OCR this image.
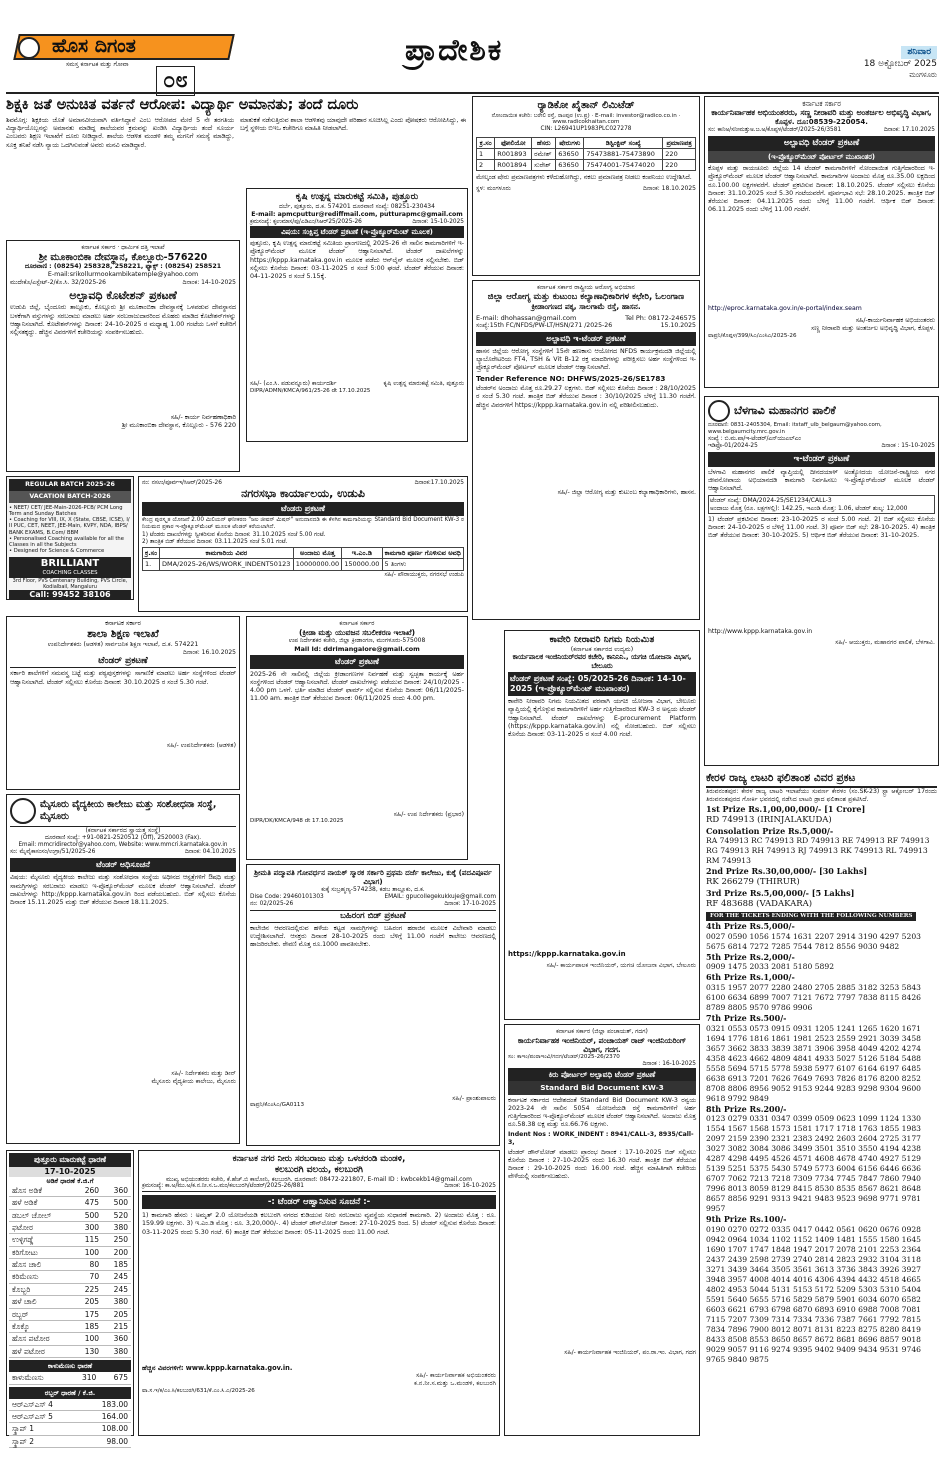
ಹೊಸ ದಿಗಂತ
ಸಮಸ್ತ ಕರ್ನಾಟಕ ಮತ್ತು ಗೋವಾ
೦೮
ಪ್ರಾದೇಶಿಕ	ಶನಿವಾರ
18 ಅಕ್ಟೋಬರ್ 2025
ಮಂಗಳೂರು
ಶಿಕ್ಷಕಿ ಜತೆ ಅನುಚಿತ ವರ್ತನೆ ಆರೋಪ: ವಿದ್ಯಾರ್ಥಿ ಅಮಾನತು; ತಂದೆ ದೂರು

ಶಿವಮೊಗ್ಗ: ಶಿಕ್ಷಕಿಯ ಜೊತೆ ಅಮಾನವೀಯವಾಗಿ ವರ್ತಿಸಿದ್ದಾನೆ ಎಂಬ ಆರೋಪದ ಮೇರೆ 5 ನೇ ತರಗತಿಯ ವಿದ್ಯಾರ್ಥಿಯೊಬ್ಬನನ್ನು ಅಮಾನತು ಮಾಡಿದ್ದ ಶಾಲೆಯವರ ಕ್ರಮವನ್ನು ಖಂಡಿಸಿ ವಿದ್ಯಾರ್ಥಿಯ ತಂದೆ ಸೂರ್ಯ ಎಂಬವರು ಶಿಕ್ಷಣ ಇಲಾಖೆಗೆ ದೂರು ನೀಡಿದ್ದಾರೆ. ಶಾಲೆಯ ಆಡಳಿತ ಮಂಡಳಿ ತಮ್ಮ ಮಗನಿಗೆ ಸಮಸ್ಯೆ ಮಾಡಿದ್ದು, ಸೂಕ್ತ ತನಿಖೆ ನಡೆಸಿ ನ್ಯಾಯ ಒದಗಿಸುವಂತೆ ಅವರು ಮನವಿ ಮಾಡಿದ್ದಾರೆ.

ಮಾತುಕತೆ ನಡೆಸುತ್ತಿರುವ ಶಾಲಾ ಆಡಳಿತವು ಯಾವುದೇ ಪರಿಹಾರ ಸೂಚಿಸಿಲ್ಲ ಎಂದು ಪೋಷಕರು ಆರೋಪಿಸಿದ್ದು, ಈ ಬಗ್ಗೆ ಸ್ಥಳೀಯ ಬಿಇಒ ಕಚೇರಿಗೂ ಮಾಹಿತಿ ನೀಡಲಾಗಿದೆ.

ಕರ್ನಾಟಕ ಸರ್ಕಾರ · ಧಾರ್ಮಿಕ ದತ್ತಿ ಇಲಾಖೆ
ಶ್ರೀ ಮೂಕಾಂಬಿಕಾ ದೇವಸ್ಥಾನ, ಕೊಲ್ಲೂರು-576220
ದೂರವಾಣಿ : (08254) 258328, 258221, ಫ್ಯಾಕ್ಸ್ : (08254) 258521
E-mail:srikollurmookambikatemple@yahoo.com
ಮುದೇಕೊ/ಎಸ್ಟೇಟ್-2/ಕೊ.ಸಿ. 32/2025-26	ದಿನಾಂಕ: 14-10-2025
ಅಲ್ಪಾವಧಿ ಕೊಟೇಶನ್ ಪ್ರಕಟಣೆ
ಉಡುಪಿ ಜಿಲ್ಲೆ, ಬೈಂದೂರು ತಾಲ್ಲೂಕು, ಕೊಲ್ಲೂರು ಶ್ರೀ ಮೂಕಾಂಬಿಕಾ ದೇವಸ್ಥಾನಕ್ಕೆ ಒಳಪಡುವ ದೇವಸ್ಥಾನದ ಬಳಕೆಗಾಗಿ ವಸ್ತುಗಳನ್ನು ಸರಬರಾಜು ಮಾಡಲು ಅರ್ಹ ಸರಬರಾಜುದಾರರಿಂದ ಮೊಹರು ಮಾಡಿದ ಕೊಟೇಶನ್‌ಗಳನ್ನು ಆಹ್ವಾನಿಸಲಾಗಿದೆ. ಕೊಟೇಶನ್‌ಗಳನ್ನು ದಿನಾಂಕ: 24-10-2025 ರ ಮಧ್ಯಾಹ್ನ 1.00 ಗಂಟೆಯ ಒಳಗೆ ಕಚೇರಿಗೆ ಸಲ್ಲಿಸತಕ್ಕದ್ದು. ಹೆಚ್ಚಿನ ವಿವರಗಳಿಗೆ ಕಚೇರಿಯನ್ನು ಸಂಪರ್ಕಿಸಬಹುದು.
ಸಹಿ/- ಕಾರ್ಯ ನಿರ್ವಹಣಾಧಿಕಾರಿ
ಶ್ರೀ ಮೂಕಾಂಬಿಕಾ ದೇವಸ್ಥಾನ, ಕೊಲ್ಲೂರು - 576 220
ಕೃಷಿ ಉತ್ಪನ್ನ ಮಾರುಕಟ್ಟೆ ಸಮಿತಿ, ಪುತ್ತೂರು
ದರ್ಬೆ, ಪುತ್ತೂರು, ದ.ಕ. 574201 ದೂರವಾಣಿ ಸಂಖ್ಯೆ: 08251-230434
E-mail: apmcputtur@rediffmail.com, putturapmc@gmail.com
ಕ್ರಮಸಂಖ್ಯೆ: ಕೃಉಮಾಸ/ಪು/ಎಡಿಎಂ/ಸಿಆರ್25/2025-26	ದಿನಾಂಕ: 15-10-2025
ವಿಷಯ: ಸಂಕ್ಷಿಪ್ತ ಟೆಂಡರ್ ಪ್ರಕಟಣೆ (ಇ-ಪ್ರೊಕ್ಯೂರ್‌ಮೆಂಟ್ ಮೂಲಕ)
ಪುತ್ತೂರು, ಕೃಷಿ ಉತ್ಪನ್ನ ಮಾರುಕಟ್ಟೆ ಸಮಿತಿಯ ಪ್ರಾಂಗಣದಲ್ಲಿ 2025-26 ನೇ ಸಾಲಿನ ಕಾಮಗಾರಿಗಳಿಗೆ ಇ-ಪ್ರೊಕ್ಯೂರ್‌ಮೆಂಟ್ ಮೂಲಕ ಟೆಂಡರ್ ಆಹ್ವಾನಿಸಲಾಗಿದೆ. ಟೆಂಡರ್ ದಾಖಲೆಗಳನ್ನು https://kppp.karnataka.gov.in ಮೂಲಕ ಪಡೆದು ಆನ್‌ಲೈನ್ ಮೂಲಕ ಸಲ್ಲಿಸಬೇಕು. ಬಿಡ್ ಸಲ್ಲಿಸಲು ಕೊನೆಯ ದಿನಾಂಕ: 03-11-2025 ರ ಸಂಜೆ 5:00 ಘಂಟೆ. ಟೆಂಡರ್ ತೆರೆಯುವ ದಿನಾಂಕ: 04-11-2025 ರ ಸಂಜೆ 5.15ಕ್ಕೆ.
ಸಹಿ/- (ಎಂ.ಸಿ. ಪಡುವನ್ನೂರು) ಕಾರ್ಯದರ್ಶಿ	ಕೃಷಿ ಉತ್ಪನ್ನ ಮಾರುಕಟ್ಟೆ ಸಮಿತಿ, ಪುತ್ತೂರು
DIPR/ADMN/KMCA/961/25-26 dt 17.10.2025
ರ್‍ಯಾಡಿಕೋ ಖೈತಾನ್ ಲಿಮಿಟೆಡ್
ನೋಂದಾಯಿತ ಕಚೇರಿ: ಬರೇಲಿ ರಸ್ತೆ, ರಾಂಪುರ (ಉ.ಪ್ರ) · E-mail: investor@radico.co.in · www.radicokhaitan.com
CIN: L26941UP1983PLC027278
ಕ್ರ.ಸಂ	ಫೋಲಿಯೋ	ಹೆಸರು	ಷೇರುಗಳು	ಡಿಸ್ಟಿಂಕ್ಟಿವ್ ಸಂಖ್ಯೆ	ಪ್ರಮಾಣಪತ್ರ
1	R001893	ರಮೇಶ್	63650	75473881-75473890	220
2	R001894	ಸುರೇಶ್	63650	75474001-75474020	220
ಮೇಲ್ಕಂಡ ಷೇರು ಪ್ರಮಾಣಪತ್ರಗಳು ಕಳೆದುಹೋಗಿದ್ದು, ನಕಲು ಪ್ರಮಾಣಪತ್ರ ನೀಡಲು ಕಂಪನಿಯು ಉದ್ದೇಶಿಸಿದೆ.
ಸ್ಥಳ: ಮಂಗಳೂರು	ದಿನಾಂಕ: 18.10.2025
ಕರ್ನಾಟಕ ಸರ್ಕಾರ ರಾಷ್ಟ್ರೀಯ ಆರೋಗ್ಯ ಅಭಿಯಾನ
ಜಿಲ್ಲಾ ಆರೋಗ್ಯ ಮತ್ತು ಕುಟುಂಬ ಕಲ್ಯಾಣಾಧಿಕಾರಿಗಳ ಕಛೇರಿ, ಓಲಂಗಾಣ
ಕ್ರೀಡಾಂಗಣದ ಪಕ್ಕ, ಸಾಲಗಾಮೆ ರಸ್ತೆ, ಹಾಸನ.
E-mail: dhohassan@gmail.com	Tel Ph: 08172-246575
ಸಂಖ್ಯೆ:15th FC/NFDS/PW-LT/HSN/271 /2025-26	15.10.2025
ಅಲ್ಪಾವಧಿ ಇ-ಟೆಂಡರ್ ಪ್ರಕಟಣೆ
ಹಾಸನ ಜಿಲ್ಲೆಯ ಆರೋಗ್ಯ ಸಂಸ್ಥೆಗಳಿಗೆ 15ನೇ ಹಣಕಾಸು ಆಯೋಗದ NFDS ಕಾರ್ಯಕ್ರಮದಡಿ ಜಿಲ್ಲೆಯಲ್ಲಿ ಲ್ಯಾಬೊರೇಟರಿಯ FT4, TSH & Vit B-12 ರಕ್ತ ಮಾದರಿಗಳನ್ನು ಪರೀಕ್ಷಿಸಲು ಅರ್ಹ ಸಂಸ್ಥೆಗಳಿಂದ ಇ-ಪ್ರೊಕ್ಯೂರ್‌ಮೆಂಟ್ ಪೋರ್ಟಲ್ ಮೂಲಕ ಟೆಂಡರ್ ಆಹ್ವಾನಿಸಲಾಗಿದೆ.
Tender Reference NO: DHFWS/2025-26/SE1783
ಟೆಂಡರ್‌ನ ಅಂದಾಜು ಮೊತ್ತ ರೂ.29.27 ಲಕ್ಷಗಳು. ಬಿಡ್ ಸಲ್ಲಿಸಲು ಕೊನೆಯ ದಿನಾಂಕ : 28/10/2025 ರ ಸಂಜೆ 5.30 ಗಂಟೆ. ತಾಂತ್ರಿಕ ಬಿಡ್ ತೆರೆಯುವ ದಿನಾಂಕ : 30/10/2025 ಬೆಳಿಗ್ಗೆ 11.30 ಗಂಟೆಗೆ. ಹೆಚ್ಚಿನ ವಿವರಗಳಿಗೆ https://kppp.karnataka.gov.in ನಲ್ಲಿ ಪರಿಶೀಲಿಸಬಹುದು.
ಸಹಿ/- ಜಿಲ್ಲಾ ಆರೋಗ್ಯ ಮತ್ತು ಕುಟುಂಬ ಕಲ್ಯಾಣಾಧಿಕಾರಿಗಳು, ಹಾಸನ.
ಕರ್ನಾಟಕ ಸರ್ಕಾರ
ಕಾರ್ಯನಿರ್ವಾಹಕ ಅಭಿಯಂತರರು, ಸಣ್ಣ ನೀರಾವರಿ ಮತ್ತು ಅಂತರ್ಜಲ ಅಭಿವೃದ್ಧಿ ವಿಭಾಗ,
ಕೊಪ್ಪಳ. ದೂ:08539-220054.
ಸಂ: ಕಾನಿಅ/ಸನೀಮತ್ತುಅ.ಜ.ಅ/ಕೊಪ್ಪಳ/ಟೆಂಡರ್/2025-26/3581	ದಿನಾಂಕ: 17.10.2025
ಅಲ್ಪಾವಧಿ ಟೆಂಡರ್ ಪ್ರಕಟಣೆ
(ಇ-ಪ್ರೊಕ್ಯೂರ್‌ಮೆಂಟ್ ಪೋರ್ಟಲ್ ಮುಖಾಂತರ)
ಕೊಪ್ಪಳ ಮತ್ತು ರಾಯಚೂರು ಜಿಲ್ಲೆಯ 14 ಟೆಂಡರ್ ಕಾಮಗಾರಿಗಳಿಗೆ ನೋಂದಾಯಿತ ಗುತ್ತಿಗೆದಾರರಿಂದ ಇ-ಪ್ರೊಕ್ಯೂರ್‌ಮೆಂಟ್ ಮೂಲಕ ಟೆಂಡರ್ ಆಹ್ವಾನಿಸಲಾಗಿದೆ. ಕಾಮಗಾರಿಗಳ ಅಂದಾಜು ಮೊತ್ತ ರೂ.35.00 ಲಕ್ಷದಿಂದ ರೂ.100.00 ಲಕ್ಷಗಳವರೆಗೆ. ಟೆಂಡರ್ ಪ್ರಕಟಿಸುವ ದಿನಾಂಕ: 18.10.2025. ಟೆಂಡರ್ ಸಲ್ಲಿಸಲು ಕೊನೆಯ ದಿನಾಂಕ: 31.10.2025 ಸಂಜೆ 5.30 ಗಂಟೆಯವರೆಗೆ. ಪೂರ್ವಭಾವಿ ಸಭೆ: 28.10.2025. ತಾಂತ್ರಿಕ ಬಿಡ್ ತೆರೆಯುವ ದಿನಾಂಕ: 04.11.2025 ರಂದು ಬೆಳಿಗ್ಗೆ 11.00 ಗಂಟೆಗೆ. ಆರ್ಥಿಕ ಬಿಡ್ ದಿನಾಂಕ: 06.11.2025 ರಂದು ಬೆಳಿಗ್ಗೆ 11.00 ಗಂಟೆಗೆ.
http://eproc.karnataka.gov.in/e-portal/index.seam
ಸಹಿ/-ಕಾರ್ಯನಿರ್ವಾಹಕ ಅಭಿಯಂತರರು
ಸಣ್ಣ ನೀರಾವರಿ ಮತ್ತು ಅಂತರ್ಜಲ ಅಭಿವೃದ್ಧಿ ವಿಭಾಗ, ಕೊಪ್ಪಳ.
ವಾಪ್ರನಿ/ಕೊಪ್ಪಳ/399/ಸಿಎ/ಎಂಸಿಎ/2025-26
REGULAR BATCH 2025-26
VACATION BATCH-2026
• NEET/ CET/ JEE-Main-2026-PCB/ PCM Long Term and Sunday Batches
• Coaching for VIII, IX, X (State, CBSE, ICSE), I/ II PUC, CET, NEET, JEE-Main, KVPY, NDA, IBPS/ BANK EXAMS, B.Com/ BBM
• Personalised Coaching available for all the Classes in all the Subjects
• Designed for Science & Commerce
BRILLIANT
COACHING CLASSES
3rd Floor, PVS Centenary Building, PVS Circle, Kodialbail, Mangaluru
Call: 99452 38106
ನಂ: ನಸಉ/ಪೂರ್ವಇ/ಸಿಆರ್/2025-26	ದಿನಾಂಕ:17.10.2025
ನಗರಸಭಾ ಕಾರ್ಯಾಲಯ, ಉಡುಪಿ
ಟೆಂಡರು ಪ್ರಕಟಣೆ
ಕೇಂದ್ರ ಪುರಸ್ಕೃತ ಯೋಜನೆ 2.00 ಮಿಲಿಯನ್ ಘನೀಕರಣ "ಜಲ ಜೀವನ್ ಮಿಷನ್" ಅನುದಾನದಡಿ ಈ ಕೆಳಗಿನ ಕಾಮಗಾರಿಯನ್ನು Standard Bid Document KW-3 ರ ನಿಯಮದ ಪ್ರಕಾರ ಇ-ಪ್ರೊಕ್ಯೂರ್‌ಮೆಂಟ್ ಮೂಲಕ ಟೆಂಡರ್ ಕರೆಯಲಾಗಿದೆ.
1) ಟೆಂಡರು ದಾಖಲೆಗಳನ್ನು ಸ್ವೀಕರಿಸುವ ಕೊನೆಯ ದಿನಾಂಕ: 31.10.2025 ಸಂಜೆ 5.00 ಗಂಟೆ.
2) ತಾಂತ್ರಿಕ ಬಿಡ್ ತೆರೆಯುವ ದಿನಾಂಕ: 03.11.2025 ಸಂಜೆ 5.01 ಗಂಟೆ.
ಕ್ರ.ಸಂ	ಕಾಮಗಾರಿಯ ವಿವರ	ಅಂದಾಜು ಮೊತ್ತ	ಇ.ಎಂ.ಡಿ	ಕಾಮಗಾರಿ ಪೂರ್ಣ ಗೊಳಿಸುವ ಅವಧಿ
1.	DMA/2025-26/WS/WORK_INDENT50123	10000000.00	150000.00	5 ತಿಂಗಳು
ಸಹಿ/- ಪೌರಾಯುಕ್ತರು, ನಗರಸಭೆ ಉಡುಪಿ
ಕರ್ನಾಟಕ ಸರ್ಕಾರ
ಶಾಲಾ ಶಿಕ್ಷಣ ಇಲಾಖೆ
ಉಪನಿರ್ದೇಶಕರು (ಆಡಳಿತ) ಸಾರ್ವಜನಿಕ ಶಿಕ್ಷಣ ಇಲಾಖೆ, ದ.ಕ. 574221
ದಿನಾಂಕ: 16.10.2025
ಟೆಂಡರ್ ಪ್ರಕಟಣೆ
ಸರ್ಕಾರಿ ಶಾಲೆಗಳಿಗೆ ಸಮವಸ್ತ್ರ ಬಟ್ಟೆ ಮತ್ತು ಪಠ್ಯಪುಸ್ತಕಗಳನ್ನು ಸಾಗಾಣಿಕೆ ಮಾಡಲು ಅರ್ಹ ಸಂಸ್ಥೆಗಳಿಂದ ಟೆಂಡರ್ ಆಹ್ವಾನಿಸಲಾಗಿದೆ. ಟೆಂಡರ್ ಸಲ್ಲಿಸಲು ಕೊನೆಯ ದಿನಾಂಕ: 30.10.2025 ರ ಸಂಜೆ 5.30 ಗಂಟೆ.
ಸಹಿ/- ಉಪನಿರ್ದೇಶಕರು (ಆಡಳಿತ)
ಕರ್ನಾಟಕ ಸರ್ಕಾರ
(ಕ್ರೀಡಾ ಮತ್ತು ಯುವಜನ ಸಬಲೀಕರಣ ಇಲಾಖೆ)
ಉಪ ನಿರ್ದೇಶಕರ ಕಚೇರಿ, ಜಿಲ್ಲಾ ಕ್ರೀಡಾಂಗಣ, ಮಂಗಳೂರು-575008
Mail Id: ddrimangalore@gmail.com
ಟೆಂಡರ್ ಪ್ರಕಟಣೆ
2025-26 ನೇ ಸಾಲಿನಲ್ಲಿ ಜಿಲ್ಲೆಯ ಕ್ರೀಡಾಂಗಣಗಳ ನಿರ್ವಹಣೆ ಮತ್ತು ಸ್ವಚ್ಛತಾ ಕಾರ್ಯಕ್ಕೆ ಅರ್ಹ ಸಂಸ್ಥೆಗಳಿಂದ ಟೆಂಡರ್ ಆಹ್ವಾನಿಸಲಾಗಿದೆ. ಟೆಂಡರ್ ದಾಖಲೆಗಳನ್ನು ಪಡೆಯುವ ದಿನಾಂಕ: 24/10/2025 - 4.00 pm ಒಳಗೆ. ಭರ್ತಿ ಮಾಡಿದ ಟೆಂಡರ್ ಫಾರ್ಮ್ ಸಲ್ಲಿಸುವ ಕೊನೆಯ ದಿನಾಂಕ: 06/11/2025-11.00 am. ತಾಂತ್ರಿಕ ಬಿಡ್ ತೆರೆಯುವ ದಿನಾಂಕ: 06/11/2025 ರಂದು 4.00 pm.
ಸಹಿ/- ಉಪ ನಿರ್ದೇಶಕರು (ಪ್ರಭಾರ)
DIPR/DK/KMCA/948 dt 17.10.2025
ಮೈಸೂರು ವೈದ್ಯಕೀಯ ಕಾಲೇಜು ಮತ್ತು ಸಂಶೋಧನಾ ಸಂಸ್ಥೆ, ಮೈಸೂರು
(ಕರ್ನಾಟಕ ಸರ್ಕಾರದ ಸ್ವಾಯತ್ತ ಸಂಸ್ಥೆ)
ದೂರವಾಣಿ ಸಂಖ್ಯೆ: +91-0821-2520512 (Off), 2520003 (Fax).
Email: mmcridirector@yahoo.com, Website: www.mmcri.karnataka.gov.in
ಸಂ: ಮೈವೈಕಾಸಂಸಂ/ಉಗ್ರಾ/51/2025-26	ದಿನಾಂಕ: 04.10.2025
ಟೆಂಡರ್ ಅಧಿಸೂಚನೆ
ವಿಷಯ: ಮೈಸೂರು ವೈದ್ಯಕೀಯ ಕಾಲೇಜು ಮತ್ತು ಸಂಶೋಧನಾ ಸಂಸ್ಥೆಯ ಅಧೀನದ ಆಸ್ಪತ್ರೆಗಳಿಗೆ ಔಷಧಿ ಮತ್ತು ಸಾಮಗ್ರಿಗಳನ್ನು ಸರಬರಾಜು ಮಾಡಲು ಇ-ಪ್ರೊಕ್ಯೂರ್‌ಮೆಂಟ್ ಮೂಲಕ ಟೆಂಡರ್ ಆಹ್ವಾನಿಸಲಾಗಿದೆ. ಟೆಂಡರ್ ದಾಖಲೆಗಳನ್ನು http://kppp.karnataka.gov.in ರಿಂದ ಪಡೆಯಬಹುದು. ಬಿಡ್ ಸಲ್ಲಿಸಲು ಕೊನೆಯ ದಿನಾಂಕ 15.11.2025 ಮತ್ತು ಬಿಡ್ ತೆರೆಯುವ ದಿನಾಂಕ 18.11.2025.
ಸಹಿ/- ನಿರ್ದೇಶಕರು ಮತ್ತು ಡೀನ್
ಮೈಸೂರು ವೈದ್ಯಕೀಯ ಕಾಲೇಜು, ಮೈಸೂರು
ಶ್ರೀಮತಿ ಪದ್ಮಾವತಿ ಗೋವರ್ಧನ ನಾಯಕ್ ಸ್ಮಾರಕ ಸರ್ಕಾರಿ ಪ್ರಥಮ ದರ್ಜೆ ಕಾಲೇಜು, ಕುಕ್ಕೆ (ಪದವಿಪೂರ್ವ ವಿಭಾಗ)
ಕುಕ್ಕೆ ಸುಬ್ರಹ್ಮಣ್ಯ-574238, ಕಡಬ ತಾಲ್ಲೂಕು, ದ.ಕ.
Dise Code: 29460101303	EMAIL: gpucollegekukkuje@gmail.com
ನಂ: 02/2025-26	ದಿನಾಂಕ: 17-10-2025
ಬಹಿರಂಗ ಬಿಡ್ ಪ್ರಕಟಣೆ
ಕಾಲೇಜಿನ ಆವರಣದಲ್ಲಿರುವ ಹಳೆಯ ಕಟ್ಟಡ ಸಾಮಗ್ರಿಗಳನ್ನು ಬಹಿರಂಗ ಹರಾಜಿನ ಮೂಲಕ ವಿಲೇವಾರಿ ಮಾಡಲು ಉದ್ದೇಶಿಸಲಾಗಿದೆ. ಆಸಕ್ತರು ದಿನಾಂಕ 28-10-2025 ರಂದು ಬೆಳಿಗ್ಗೆ 11.00 ಗಂಟೆಗೆ ಕಾಲೇಜು ಆವರಣದಲ್ಲಿ ಹಾಜರಿರಬೇಕು. ಠೇವಣಿ ಮೊತ್ತ ರೂ.1000 ಪಾವತಿಸಬೇಕು.
ಸಹಿ/- ಪ್ರಾಂಶುಪಾಲರು
ವಾಪ್ರನಿ/ಕೆಎಂಸಿಎ/GA0113
ಬೆಳಗಾವಿ ಮಹಾನಗರ ಪಾಲಿಕೆ
ದೂರವಾಣಿ: 0831-2405304, Email: itstaff_ulb_belgaum@yahoo.com, www.belgaumcity.mrc.gov.in
ಸಂಖ್ಯೆ : ಬಿ.ಮ.ಪಾ/ಇ-ಟೆಂಡರ್/ಎನ್‌ಯುಎಲ್‌ಎಂ
ಇಡಿಫ್ರೊ-01/2024-25	ದಿನಾಂಕ : 15-10-2025
ಇ-ಟೆಂಡರ್ ಪ್ರಕಟಣೆ
ಬೆಳಗಾವಿ ಮಹಾನಗರ ಪಾಲಿಕೆ ವ್ಯಾಪ್ತಿಯಲ್ಲಿ ದೀನದಯಾಳ್ ಅಂತ್ಯೋದಯ ಯೋಜನೆ-ರಾಷ್ಟ್ರೀಯ ನಗರ ಜೀವನೋಪಾಯ ಅಭಿಯಾನದಡಿ ಕಾಮಗಾರಿ ನಿರ್ವಹಿಸಲು ಇ-ಪ್ರೊಕ್ಯೂರ್‌ಮೆಂಟ್ ಮೂಲಕ ಟೆಂಡರ್ ಆಹ್ವಾನಿಸಲಾಗಿದೆ.
ಟೆಂಡರ್ ಸಂಖ್ಯೆ: DMA/2024-25/SE1234/CALL-3
ಅಂದಾಜು ಮೊತ್ತ (ರೂ. ಲಕ್ಷಗಳಲ್ಲಿ): 142.25, ಇಎಂಡಿ ಮೊತ್ತ: 1.06, ಟೆಂಡರ್ ಶುಲ್ಕ: 12,000
1) ಟೆಂಡರ್ ಪ್ರಕಟಿಸುವ ದಿನಾಂಕ: 23-10-2025 ರ ಸಂಜೆ 5.00 ಗಂಟೆ. 2) ಬಿಡ್ ಸಲ್ಲಿಸಲು ಕೊನೆಯ ದಿನಾಂಕ: 24-10-2025 ರ ಬೆಳಿಗ್ಗೆ 11.00 ಗಂಟೆ. 3) ಪೂರ್ವ ಬಿಡ್ ಸಭೆ: 28-10-2025. 4) ತಾಂತ್ರಿಕ ಬಿಡ್ ತೆರೆಯುವ ದಿನಾಂಕ: 30-10-2025. 5) ಆರ್ಥಿಕ ಬಿಡ್ ತೆರೆಯುವ ದಿನಾಂಕ: 31-10-2025.
http://www.kppp.karnataka.gov.in
ಸಹಿ/- ಆಯುಕ್ತರು, ಮಹಾನಗರ ಪಾಲಿಕೆ, ಬೆಳಗಾವಿ.
ಕಾವೇರಿ ನೀರಾವರಿ ನಿಗಮ ನಿಯಮಿತ
(ಕರ್ನಾಟಕ ಸರ್ಕಾರದ ಉದ್ಯಮ)
ಕಾರ್ಯಪಾಲಕ ಇಂಜಿನಿಯರ್‌ರವರ ಕಚೇರಿ, ಕಾನಿನಿನಿ., ಯಗಚಿ ಯೋಜನಾ ವಿಭಾಗ, ಬೇಲೂರು
ಟೆಂಡರ್ ಪ್ರಕಟಣೆ ಸಂಖ್ಯೆ: 05/2025-26 ದಿನಾಂಕ: 14-10-2025 (ಇ-ಪ್ರೊಕ್ಯೂರ್‌ಮೆಂಟ್ ಮುಖಾಂತರ)
ಕಾವೇರಿ ನೀರಾವರಿ ನಿಗಮ ನಿಯಮಿತದ ಪರವಾಗಿ ಯಗಚಿ ಯೋಜನಾ ವಿಭಾಗ, ಬೇಲೂರು ವ್ಯಾಪ್ತಿಯಲ್ಲಿ ಕೈಗೊಳ್ಳುವ ಕಾಮಗಾರಿಗಳಿಗೆ ಅರ್ಹ ಗುತ್ತಿಗೆದಾರರಿಂದ KW-3 ರ ಅನ್ವಯ ಟೆಂಡರ್ ಆಹ್ವಾನಿಸಲಾಗಿದೆ. ಟೆಂಡರ್ ದಾಖಲೆಗಳನ್ನು E-procurement Platform (https://kppp.karnataka.gov.in) ನಲ್ಲಿ ನೋಡಬಹುದು. ಬಿಡ್ ಸಲ್ಲಿಸಲು ಕೊನೆಯ ದಿನಾಂಕ: 03-11-2025 ರ ಸಂಜೆ 4.00 ಗಂಟೆ.
https://kppp.karnataka.gov.in
ಸಹಿ/- ಕಾರ್ಯಪಾಲಕ ಇಂಜಿನಿಯರ್, ಯಗಚಿ ಯೋಜನಾ ವಿಭಾಗ, ಬೇಲೂರು
ಕರ್ನಾಟಕ ಸರ್ಕಾರ (ಜಿಲ್ಲಾ ಪಂಚಾಯತ್, ಗದಗ)
ಕಾರ್ಯನಿರ್ವಾಹಕ ಇಂಜಿನಿಯರ್, ಪಂಚಾಯತ್ ರಾಜ್ ಇಂಜಿನಿಯರಿಂಗ್ ವಿಭಾಗ, ಗದಗ.
ಸಂ: ಕಾಇಂ/ಪಂರಾಇಂವಿ/ಗದಗ/ಟೆಂಡರ್/2025-26/2370
ದಿನಾಂಕ : 16-10-2025
ಕಿರು ಪೋರ್ಟಲ್ ಅಲ್ಪಾವಧಿ ಟೆಂಡರ್ ಪ್ರಕಟಣೆ
Standard Bid Document KW-3
ಕರ್ನಾಟಕ ಸರ್ಕಾರದ ಆದೇಶದಂತೆ Standard Bid Document KW-3 ರನ್ವಯ 2023-24 ನೇ ಸಾಲಿನ 5054 ಯೋಜನೆಯಡಿ ರಸ್ತೆ ಕಾಮಗಾರಿಗಳಿಗೆ ಅರ್ಹ ಗುತ್ತಿಗೆದಾರರಿಂದ ಇ-ಪ್ರೊಕ್ಯೂರ್‌ಮೆಂಟ್ ಮೂಲಕ ಟೆಂಡರ್ ಆಹ್ವಾನಿಸಲಾಗಿದೆ. ಅಂದಾಜು ಮೊತ್ತ ರೂ.58.38 ಲಕ್ಷ ಮತ್ತು ರೂ.66.76 ಲಕ್ಷಗಳು.
Indent Nos : WORK_INDENT : 8941/CALL-3, 8935/Call-3,
ಟೆಂಡರ್ ಡೌನ್‌ಲೋಡ್ ಮಾಡಲು ಪ್ರಾರಂಭ ದಿನಾಂಕ : 17-10-2025 ಬಿಡ್ ಸಲ್ಲಿಸಲು ಕೊನೆಯ ದಿನಾಂಕ : 27-10-2025 ರಂದು 16.30 ಗಂಟೆ. ತಾಂತ್ರಿಕ ಬಿಡ್ ತೆರೆಯುವ ದಿನಾಂಕ : 29-10-2025 ರಂದು 16.00 ಗಂಟೆ. ಹೆಚ್ಚಿನ ಮಾಹಿತಿಗಾಗಿ ಕಚೇರಿಯ ವೇಳೆಯಲ್ಲಿ ಸಂಪರ್ಕಿಸಬಹುದು.
ಸಹಿ/- ಕಾರ್ಯನಿರ್ವಾಹಕ ಇಂಜಿನಿಯರ್, ಪಂ.ರಾ.ಇಂ. ವಿಭಾಗ, ಗದಗ
ಕರ್ನಾಟಕ ನಗರ ನೀರು ಸರಬರಾಜು ಮತ್ತು ಒಳಚರಂಡಿ ಮಂಡಳಿ,
ಕಲಬುರಗಿ ವಲಯ, ಕಲಬುರಗಿ
ಮುಖ್ಯ ಅಭಿಯಂತರರು ಕಚೇರಿ, ಕೆ.ಹೆಚ್.ಬಿ ಕಾಲೋನಿ, ಕಲಬುರಗಿ. ದೂರವಾಣಿ: 08472-221807, E-mail ID : kwbcekb14@gmail.com
ಕ್ರಮಸಂಖ್ಯೆ: ಕಾ.ಅ/ಮು.ಅ/ಕ.ನ.ನೀ.ಸ.ಒ.ಮಂ/ಕಲಬುರಗಿ/ಟೆಂಡರ್/2025-26/881	ದಿನಾಂಕ: 16-10-2025
-: ಟೆಂಡರ್ ಆಹ್ವಾನಿಸುವ ಸೂಚನೆ :-
1) ಕಾಮಗಾರಿ ಹೆಸರು : ಅಮೃತ್ 2.0 ಯೋಜನೆಯಡಿ ಕಲಬುರಗಿ ನಗರದ ಕುಡಿಯುವ ನೀರು ಸರಬರಾಜು ವ್ಯವಸ್ಥೆಯ ಸುಧಾರಣೆ ಕಾಮಗಾರಿ. 2) ಅಂದಾಜು ಮೊತ್ತ : ರೂ. 159.99 ಲಕ್ಷಗಳು. 3) ಇ.ಎಂ.ಡಿ ಮೊತ್ತ : ರೂ. 3,20,000/-. 4) ಟೆಂಡರ್ ಡೌನ್‌ಲೋಡ್ ದಿನಾಂಕ: 27-10-2025 ರಿಂದ. 5) ಟೆಂಡರ್ ಸಲ್ಲಿಸುವ ಕೊನೆಯ ದಿನಾಂಕ: 03-11-2025 ರಂದು 5.30 ಗಂಟೆ. 6) ತಾಂತ್ರಿಕ ಬಿಡ್ ತೆರೆಯುವ ದಿನಾಂಕ: 05-11-2025 ರಂದು 11.00 ಗಂಟೆ.
ಹೆಚ್ಚಿನ ವಿವರಗಳಿಗೆ: www.kppp.karnataka.gov.in.
ಸಹಿ/- ಕಾರ್ಯನಿರ್ವಾಹಕ ಅಭಿಯಂತರರು
ಕ.ನ.ನೀ.ಸ.ಮತ್ತು ಒ.ಮಂಡಳಿ, ಕಲಬುರಗಿ
ವಾ.ಸ.ಇ/ಕ/ಎಂ.ಸಿ/ಕಲಬುರಗಿ/631/ಕೆ.ಎಂ.ಸಿ.ಎ/2025-26
ಪುತ್ತೂರು ಮಾರುಕಟ್ಟೆ ಧಾರಣೆ
17-10-2025
ಅಡಿಕೆ ಧಾರಣೆ ಕೆ.ಜಿ.ಗೆ
ಹೊಸ ಅಡಿಕೆ	260	360
ಹಳೆ ಅಡಿಕೆ	475	500
ಡಬಲ್ ಚೋಲ್	500	520
ಫಟೋರ	300	380
ಉಳ್ಳಿಗಡ್ಡೆ	115	250
ಕರಿಗೋಟು	100	200
ಹೊಸ ಚಾಲಿ	80	185
ಕರಿಮೆಣಸು	70	245
ಕೊಬ್ಬರಿ	225	245
ಹಳೆ ಚಾಲಿ	205	380
ರಬ್ಬರ್	175	205
ಕೊಕ್ಕೊ	185	215
ಹೊಸ ಪಟೋರ	100	360
ಹಳೆ ಪಟೋರ	130	380
ಕಾಳುಮೆಣಸು ಧಾರಣೆ
ಕಾಳುಮೆಣಸು	310	675
ರಬ್ಬರ್ ಧಾರಣೆ / ಕೆ.ಜಿ.
ಆರ್‌ಎಸ್‌ಎಸ್ 4	183.00
ಆರ್‌ಎಸ್‌ಎಸ್ 5	164.00
ಸ್ಕ್ರಾಪ್ 1	108.00
ಸ್ಕ್ರಾಪ್ 2	98.00
ಕೇರಳ ರಾಜ್ಯ ಲಾಟರಿ ಫಲಿತಾಂಶ ವಿವರ ಪ್ರಕಟ
ತಿರುವನಂತಪುರ: ಕೇರಳ ರಾಜ್ಯ ಲಾಟರಿ ಇಲಾಖೆಯು ಸುವರ್ಣ ಕೇರಳಂ (ಸಂ.SK-23) ಸ್ಟ್ರಾ ಆಕ್ಟೋಬರ್ 17ರಂದು ತಿರುವನಂತಪುರದ ಗೋರ್ಕಿ ಭವನದಲ್ಲಿ ನಡೆಸಿದ ಲಾಟರಿ ಡ್ರಾದ ಫಲಿತಾಂಶ ಪ್ರಕಟಿಸಿದೆ.
1st Prize Rs.1,00,00,000/- [1 Crore]
RD 749913 (IRINJALAKUDA)
Consolation Prize Rs.5,000/-
RA 749913 RC 749913 RD 749913 RE 749913 RF 749913 RG 749913 RH 749913 RJ 749913 RK 749913 RL 749913 RM 749913
2nd Prize Rs.30,00,000/- [30 Lakhs]
RK 266279 (THIRUR)
3rd Prize Rs.5,00,000/- [5 Lakhs]
RF 483688 (VADAKARA)
FOR THE TICKETS ENDING WITH THE FOLLOWING NUMBERS
4th Prize Rs.5,000/-
0027 0590 1056 1574 1631 2207 2914 3190 4297 5203 5675 6814 7272 7285 7544 7812 8556 9030 9482
5th Prize Rs.2,000/-
0909 1475 2033 2081 5180 5892
6th Prize Rs.1,000/-
0315 1957 2077 2280 2480 2705 2885 3182 3253 5843 6100 6634 6899 7007 7121 7672 7797 7838 8115 8426 8789 8805 9570 9786 9906
7th Prize Rs.500/-
0321 0553 0573 0915 0931 1205 1241 1265 1620 1671 1694 1776 1816 1861 1981 2523 2559 2921 3039 3458 3657 3662 3833 3839 3871 3906 3958 4049 4202 4274 4358 4623 4662 4809 4841 4933 5027 5126 5184 5488 5558 5694 5715 5778 5938 5977 6107 6164 6197 6485 6638 6913 7201 7626 7649 7693 7826 8176 8200 8252 8708 8806 8956 9052 9153 9244 9283 9298 9304 9600 9618 9792 9849
8th Prize Rs.200/-
0123 0279 0331 0347 0399 0509 0623 1099 1124 1330 1554 1567 1568 1573 1581 1717 1718 1763 1855 1983 2097 2159 2390 2321 2383 2492 2603 2604 2725 3177 3027 3082 3084 3086 3499 3501 3510 3550 4194 4238 4287 4298 4495 4526 4571 4608 4678 4740 4927 5129 5139 5251 5375 5430 5749 5773 6004 6156 6446 6636 6707 7062 7213 7218 7309 7734 7745 7847 7860 7940 7996 8013 8059 8129 8415 8530 8535 8567 8621 8648 8657 8856 9291 9313 9421 9483 9523 9698 9771 9781 9957
9th Prize Rs.100/-
0190 0270 0272 0335 0417 0442 0561 0620 0676 0928 0942 0964 1034 1102 1152 1409 1481 1555 1580 1645 1690 1707 1747 1848 1947 2017 2078 2101 2253 2364 2437 2439 2598 2739 2740 2814 2823 2932 3104 3118 3271 3439 3464 3505 3561 3613 3736 3843 3926 3927 3948 3957 4008 4014 4016 4306 4394 4432 4518 4665 4802 4953 5044 5131 5153 5172 5209 5303 5310 5404 5591 5640 5655 5716 5829 5879 5901 6034 6070 6582 6603 6621 6793 6798 6870 6893 6910 6988 7008 7081 7115 7207 7309 7314 7334 7336 7387 7661 7792 7815 7834 7896 7900 8012 8071 8131 8223 8275 8280 8419 8433 8508 8553 8650 8657 8672 8681 8696 8857 9018 9029 9057 9116 9274 9395 9402 9409 9434 9531 9746 9765 9840 9875
